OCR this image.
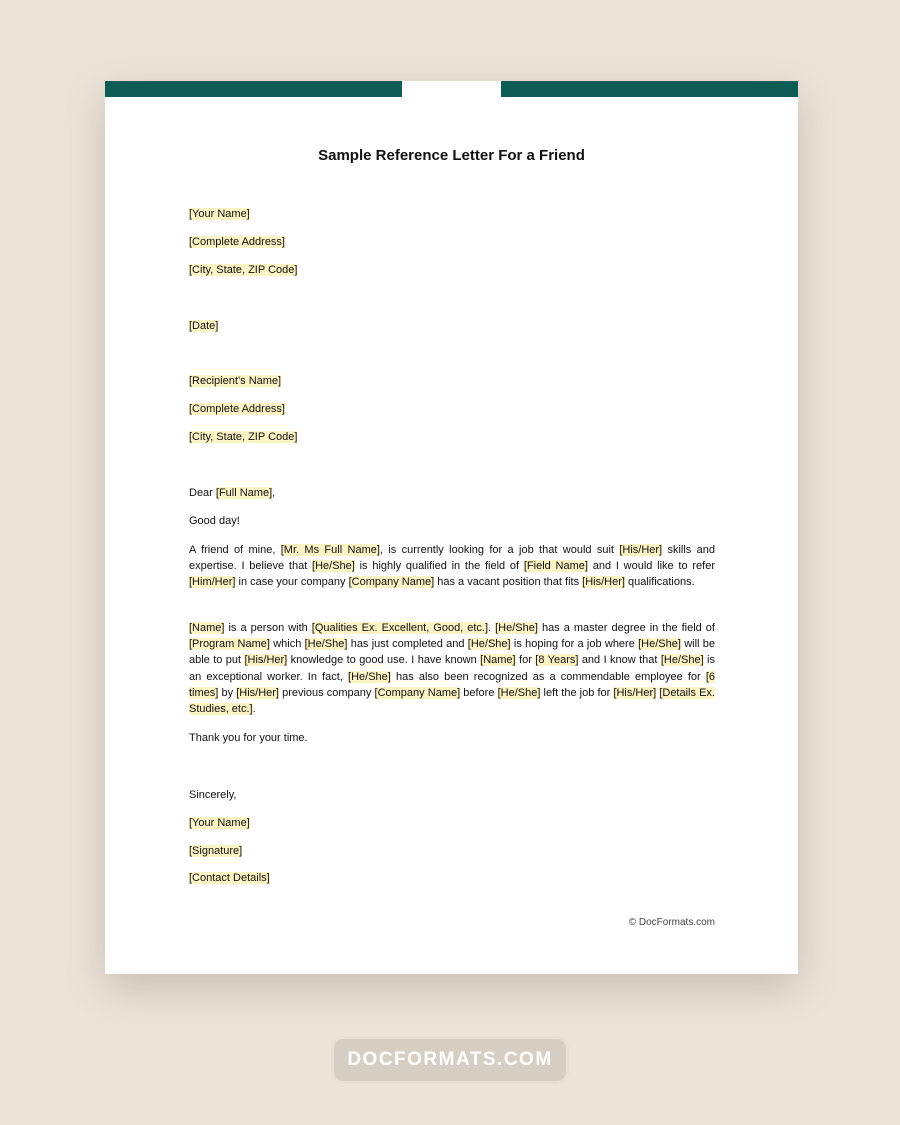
Sample Reference Letter For a Friend
[Your Name]
[Complete Address]
[City, State, ZIP Code]
[Date]
[Recipient’s Name]
[Complete Address]
[City, State, ZIP Code]
Dear [Full Name],
Good day!
A friend of mine, [Mr. Ms Full Name], is currently looking for a job that would suit [His/Her] skills and expertise. I believe that [He/She] is highly qualified in the field of [Field Name] and I would like to refer [Him/Her] in case your company [Company Name] has a vacant position that fits [His/Her] qualifications.
[Name] is a person with [Qualities Ex. Excellent, Good, etc.]. [He/She] has a master degree in the field of [Program Name] which [He/She] has just completed and [He/She] is hoping for a job where [He/She] will be able to put [His/Her] knowledge to good use. I have known [Name] for [8 Years] and I know that [He/She] is an exceptional worker. In fact, [He/She] has also been recognized as a commendable employee for [6 times] by [His/Her] previous company [Company Name] before [He/She] left the job for [His/Her] [Details Ex. Studies, etc.].
Thank you for your time.
Sincerely,
[Your Name]
[Signature]
[Contact Details]
© DocFormats.com
DOCFORMATS.COM
